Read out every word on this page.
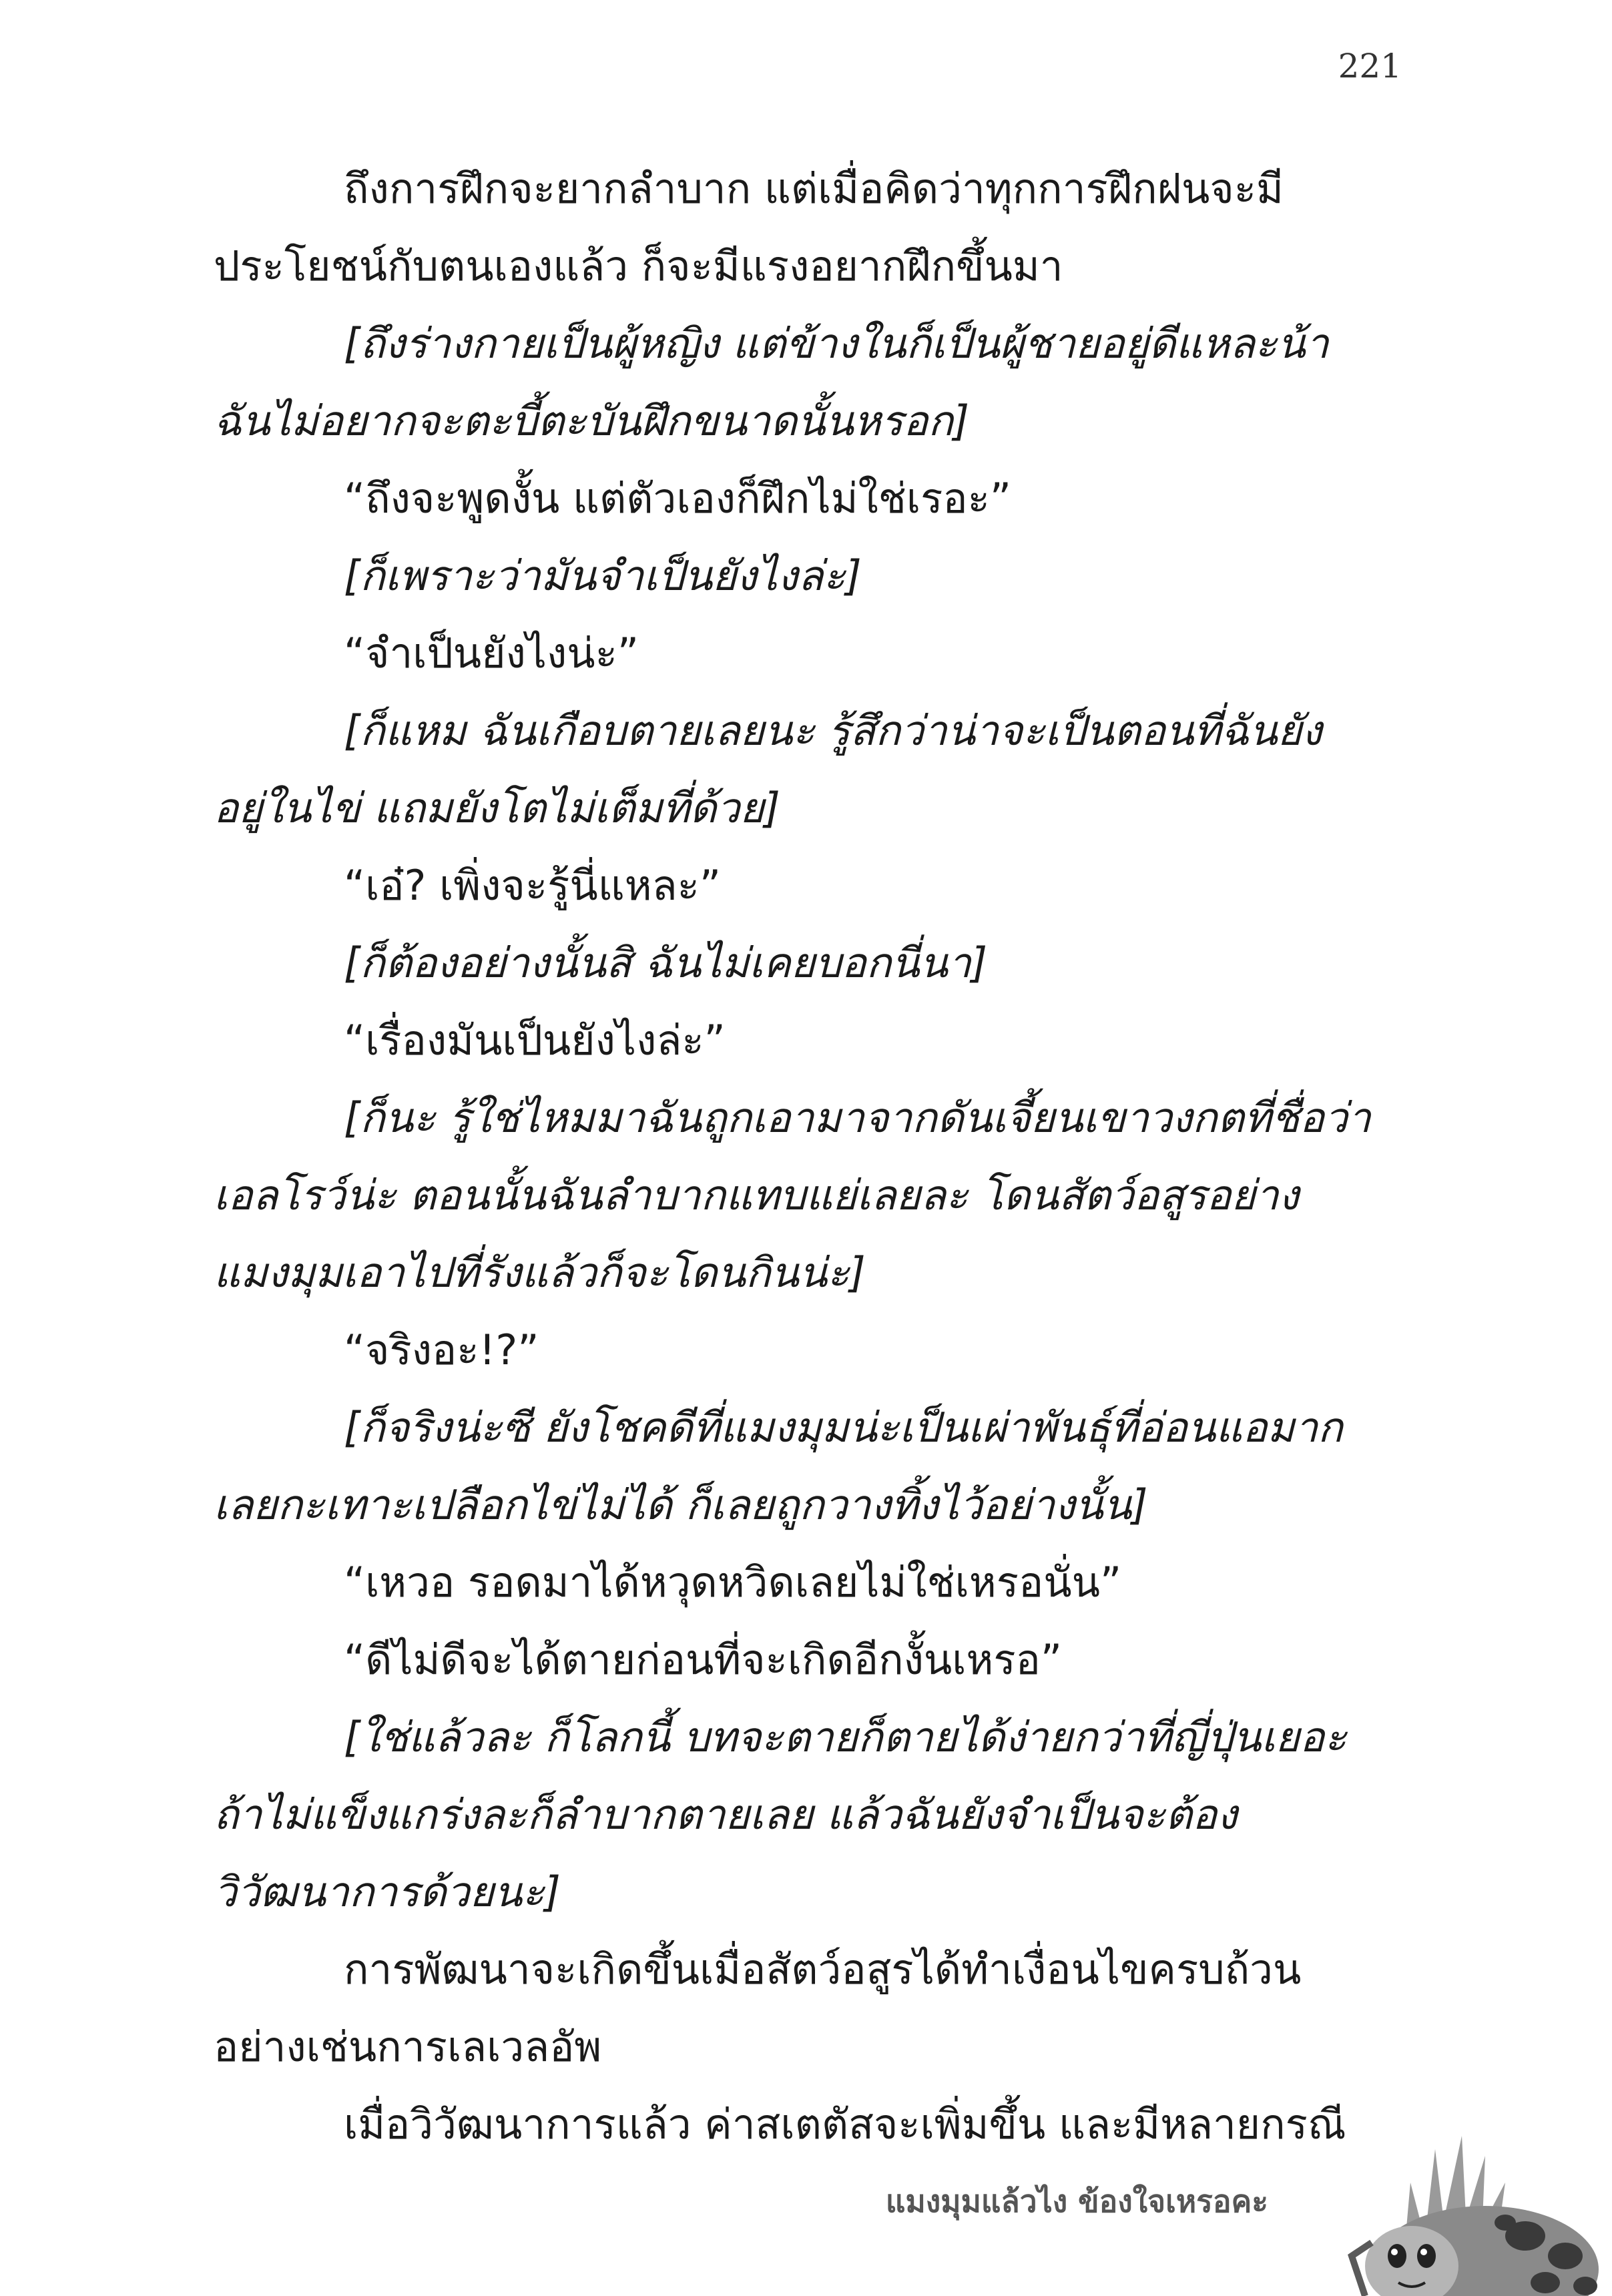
221
ถึงการฝึกจะยากลำบาก แต่เมื่อคิดว่าทุกการฝึกฝนจะมี
ประโยชน์กับตนเองแล้ว ก็จะมีแรงอยากฝึกขึ้นมา
[ถึงร่างกายเป็นผู้หญิง แต่ข้างในก็เป็นผู้ชายอยู่ดีแหละน้า
ฉันไม่อยากจะตะบี้ตะบันฝึกขนาดนั้นหรอก]
“ถึงจะพูดงั้น แต่ตัวเองก็ฝึกไม่ใช่เรอะ”
[ก็เพราะว่ามันจำเป็นยังไงล่ะ]
“จำเป็นยังไงน่ะ”
[ก็แหม ฉันเกือบตายเลยนะ รู้สึกว่าน่าจะเป็นตอนที่ฉันยัง
อยู่ในไข่ แถมยังโตไม่เต็มที่ด้วย]
“เอ๋? เพิ่งจะรู้นี่แหละ”
[ก็ต้องอย่างนั้นสิ ฉันไม่เคยบอกนี่นา]
“เรื่องมันเป็นยังไงล่ะ”
[ก็นะ รู้ใช่ไหมมาฉันถูกเอามาจากดันเจี้ยนเขาวงกตที่ชื่อว่า
เอลโรว์น่ะ ตอนนั้นฉันลำบากแทบแย่เลยละ โดนสัตว์อสูรอย่าง
แมงมุมเอาไปที่รังแล้วก็จะโดนกินน่ะ]
“จริงอะ!?”
[ก็จริงน่ะซี ยังโชคดีที่แมงมุมน่ะเป็นเผ่าพันธุ์ที่อ่อนแอมาก
เลยกะเทาะเปลือกไข่ไม่ได้ ก็เลยถูกวางทิ้งไว้อย่างนั้น]
“เหวอ รอดมาได้หวุดหวิดเลยไม่ใช่เหรอนั่น”
“ดีไม่ดีจะได้ตายก่อนที่จะเกิดอีกงั้นเหรอ”
[ใช่แล้วละ ก็โลกนี้ บทจะตายก็ตายได้ง่ายกว่าที่ญี่ปุ่นเยอะ
ถ้าไม่แข็งแกร่งละก็ลำบากตายเลย แล้วฉันยังจำเป็นจะต้อง
วิวัฒนาการด้วยนะ]
การพัฒนาจะเกิดขึ้นเมื่อสัตว์อสูรได้ทำเงื่อนไขครบถ้วน
อย่างเช่นการเลเวลอัพ
เมื่อวิวัฒนาการแล้ว ค่าสเตตัสจะเพิ่มขึ้น และมีหลายกรณี
แมงมุมแล้วไง ข้องใจเหรอคะ
